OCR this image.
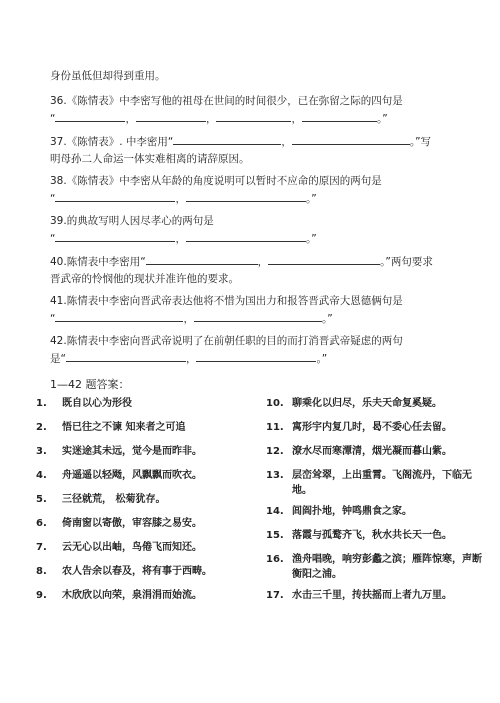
身份虽低但却得到重用。
36.《陈情表》中李密写他的祖母在世间的时间很少，已在弥留之际的四句是
“	，	，	，	。”
37.《陈情表》. 中李密用“	，	。”写
明母孙二人命运一体实难相离的请辞原因。
38.《陈情表》中李密从年龄的角度说明可以暂时不应命的原因的两句是
“	，	。”
39.的典故写明人因尽孝心的两句是
“	，	。”
40.陈情表中李密用“	，	。”两句要求
晋武帝的怜悯他的现状并准许他的要求。
41.陈情表中李密向晋武帝表达他将不惜为国出力和报答晋武帝大恩德俩句是
“	，	。”
42.陈情表中李密向晋武帝说明了在前朝任职的目的而打消晋武帝疑虑的两句
是“	，	。”
1—42 题答案：
1.	既自以心为形役
2.	悟已往之不谏 知来者之可追
3.	实迷途其未远，觉今是而昨非。
4.	舟遥遥以轻飏，风飘飘而吹衣。
5.	三径就荒， 松菊犹存。
6.	倚南窗以寄傲，审容膝之易安。
7.	云无心以出岫，鸟倦飞而知还。
8.	农人告余以春及，将有事于西畴。
9.	木欣欣以向荣，泉涓涓而始流。
10. 聊乘化以归尽，乐夫天命复奚疑。
11. 寓形宇内复几时，曷不委心任去留。
12. 潦水尽而寒潭清，烟光凝而暮山紫。
13. 层峦耸翠，上出重霄。飞阁流丹，下临无地。
14. 闾阎扑地，钟鸣鼎食之家。
15. 落霞与孤鹜齐飞，秋水共长天一色。
16. 渔舟唱晚，响穷彭蠡之滨；雁阵惊寒，声断衡阳之浦。
17. 水击三千里，抟扶摇而上者九万里。
